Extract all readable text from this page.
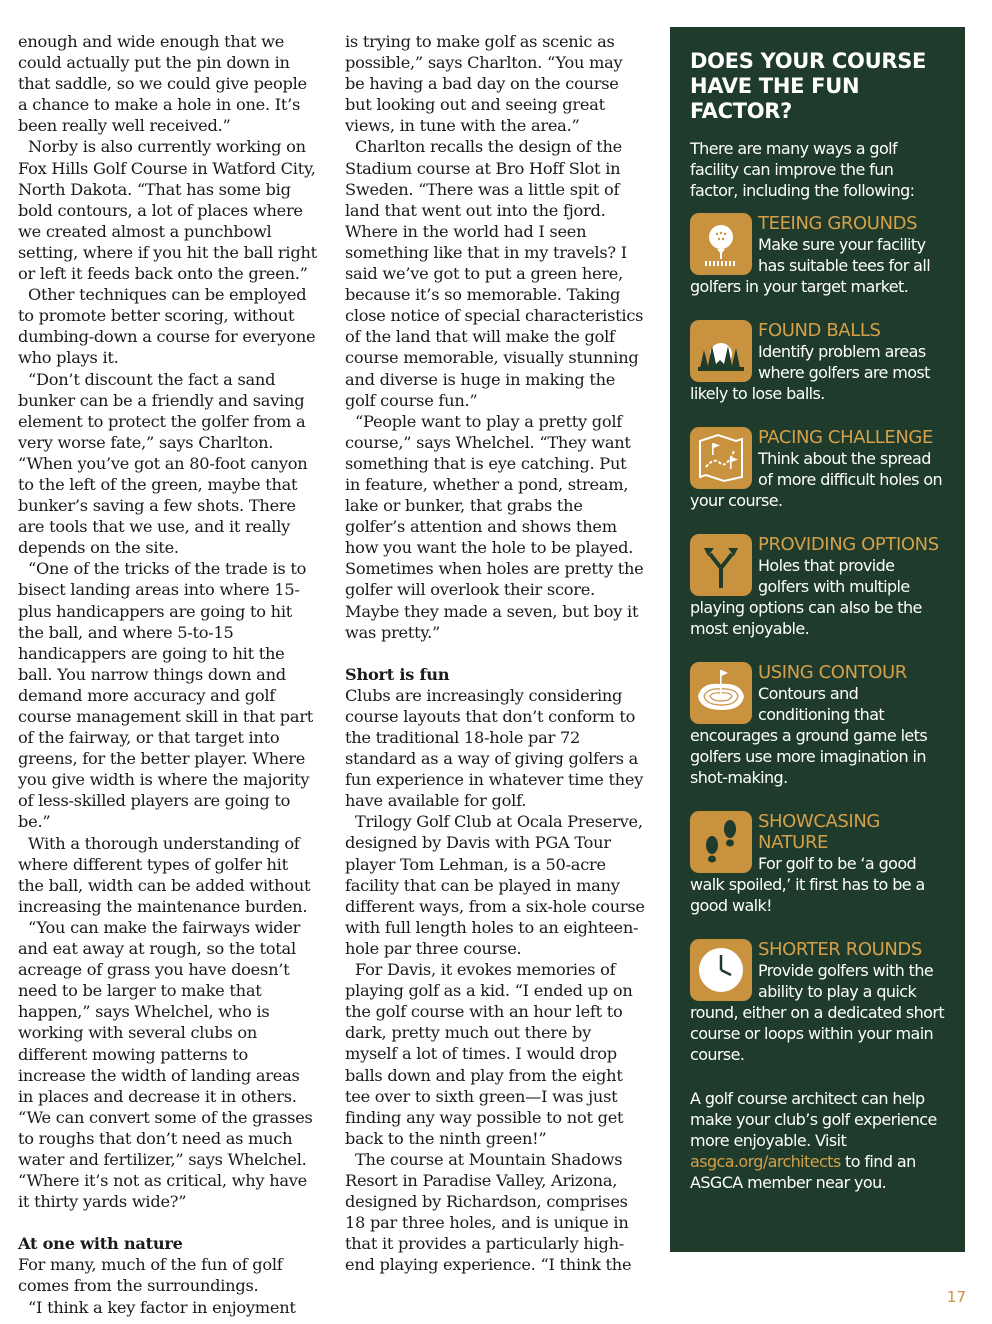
enough and wide enough that we could actually put the pin down in that saddle, so we could give people a chance to make a hole in one. It’s been really well received.”

Norby is also currently working on Fox Hills Golf Course in Watford City, North Dakota. “That has some big bold contours, a lot of places where we created almost a punchbowl setting, where if you hit the ball right or left it feeds back onto the green.”

Other techniques can be employed to promote better scoring, without dumbing-down a course for everyone who plays it.

“Don’t discount the fact a sand bunker can be a friendly and saving element to protect the golfer from a very worse fate,” says Charlton. “When you’ve got an 80-foot canyon to the left of the green, maybe that bunker’s saving a few shots. There are tools that we use, and it really depends on the site.

“One of the tricks of the trade is to bisect landing areas into where 15-plus handicappers are going to hit the ball, and where 5-to-15 handicappers are going to hit the ball. You narrow things down and demand more accuracy and golf course management skill in that part of the fairway, or that target into greens, for the better player. Where you give width is where the majority of less-skilled players are going to be.”

With a thorough understanding of where different types of golfer hit the ball, width can be added without increasing the maintenance burden.

“You can make the fairways wider and eat away at rough, so the total acreage of grass you have doesn’t need to be larger to make that happen,” says Whelchel, who is working with several clubs on different mowing patterns to increase the width of landing areas in places and decrease it in others. “We can convert some of the grasses to roughs that don’t need as much water and fertilizer,” says Whelchel. “Where it’s not as critical, why have it thirty yards wide?”

At one with nature

For many, much of the fun of golf comes from the surroundings.

“I think a key factor in enjoyment

is trying to make golf as scenic as possible,” says Charlton. “You may be having a bad day on the course but looking out and seeing great views, in tune with the area.”

Charlton recalls the design of the Stadium course at Bro Hoff Slot in Sweden. “There was a little spit of land that went out into the fjord. Where in the world had I seen something like that in my travels? I said we’ve got to put a green here, because it’s so memorable. Taking close notice of special characteristics of the land that will make the golf course memorable, visually stunning and diverse is huge in making the golf course fun.”

“People want to play a pretty golf course,” says Whelchel. “They want something that is eye catching. Put in feature, whether a pond, stream, lake or bunker, that grabs the golfer’s attention and shows them how you want the hole to be played. Sometimes when holes are pretty the golfer will overlook their score. Maybe they made a seven, but boy it was pretty.”

Short is fun

Clubs are increasingly considering course layouts that don’t conform to the traditional 18-hole par 72 standard as a way of giving golfers a fun experience in whatever time they have available for golf.

Trilogy Golf Club at Ocala Preserve, designed by Davis with PGA Tour player Tom Lehman, is a 50-acre facility that can be played in many different ways, from a six-hole course with full length holes to an eighteen-hole par three course.

For Davis, it evokes memories of playing golf as a kid. “I ended up on the golf course with an hour left to dark, pretty much out there by myself a lot of times. I would drop balls down and play from the eight tee over to sixth green—I was just finding any way possible to not get back to the ninth green!”

The course at Mountain Shadows Resort in Paradise Valley, Arizona, designed by Richardson, comprises 18 par three holes, and is unique in that it provides a particularly high-end playing experience. “I think the

DOES YOUR COURSE HAVE THE FUN FACTOR?
There are many ways a golf facility can improve the fun factor, including the following:
TEEING GROUNDS
Make sure your facility has suitable tees for all golfers in your target market.
FOUND BALLS
Identify problem areas where golfers are most likely to lose balls.
PACING CHALLENGE
Think about the spread of more difficult holes on your course.
PROVIDING OPTIONS
Holes that provide golfers with multiple playing options can also be the most enjoyable.
USING CONTOUR
Contours and conditioning that encourages a ground game lets golfers use more imagination in shot-making.
SHOWCASING NATURE
For golf to be ‘a good walk spoiled,’ it first has to be a good walk!
SHORTER ROUNDS
Provide golfers with the ability to play a quick round, either on a dedicated short course or loops within your main course.
A golf course architect can help make your club’s golf experience more enjoyable. Visit asgca.org/architects to find an ASGCA member near you.
17
